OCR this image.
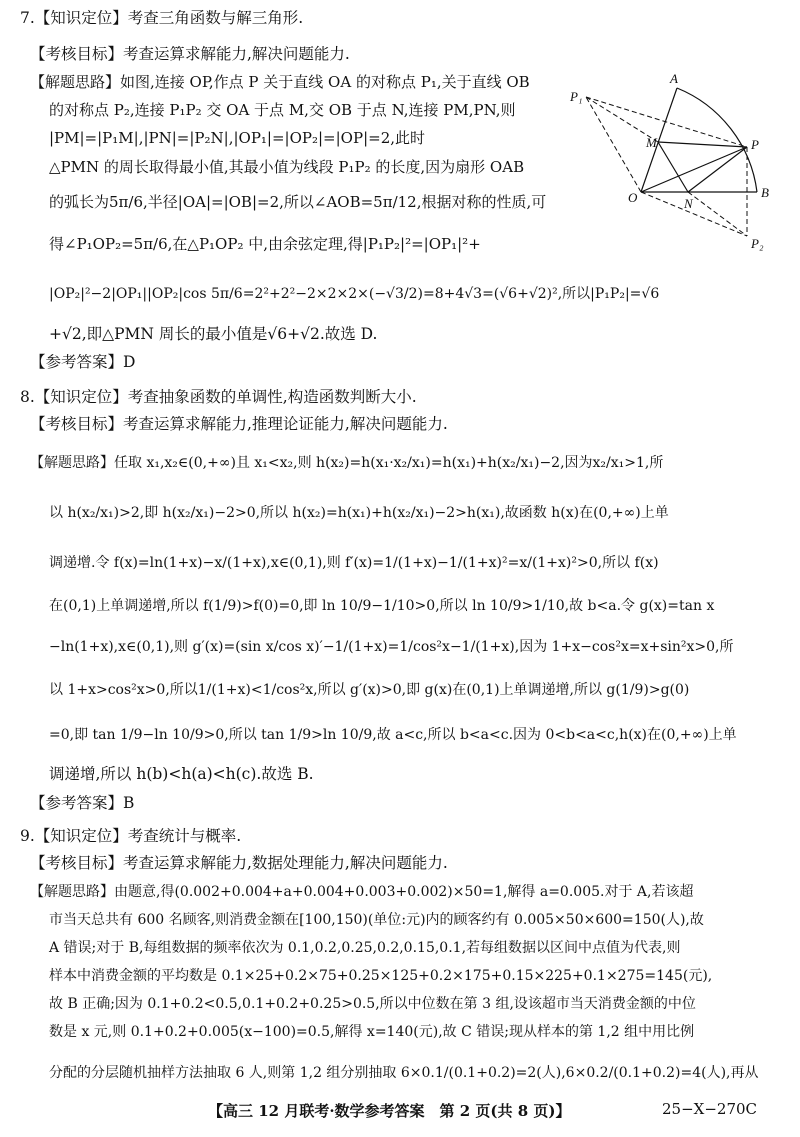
7.【知识定位】考查三角函数与解三角形.
【考核目标】考查运算求解能力,解决问题能力.
【解题思路】如图,连接 OP,作点 P 关于直线 OA 的对称点 P₁,关于直线 OB
的对称点 P₂,连接 P₁P₂ 交 OA 于点 M,交 OB 于点 N,连接 PM,PN,则
|PM|=|P₁M|,|PN|=|P₂N|,|OP₁|=|OP₂|=|OP|=2,此时
△PMN 的周长取得最小值,其最小值为线段 P₁P₂ 的长度,因为扇形 OAB
的弧长为5π/6,半径|OA|=|OB|=2,所以∠AOB=5π/12,根据对称的性质,可
得∠P₁OP₂=5π/6,在△P₁OP₂ 中,由余弦定理,得|P₁P₂|²=|OP₁|²+
|OP₂|²−2|OP₁||OP₂|cos 5π/6=2²+2²−2×2×2×(−√3/2)=8+4√3=(√6+√2)²,所以|P₁P₂|=√6
+√2,即△PMN 周长的最小值是√6+√2.故选 D.
【参考答案】D
A
B
O
P
P₁
P₂
M
N
8.【知识定位】考查抽象函数的单调性,构造函数判断大小.
【考核目标】考查运算求解能力,推理论证能力,解决问题能力.
【解题思路】任取 x₁,x₂∈(0,+∞)且 x₁<x₂,则 h(x₂)=h(x₁·x₂/x₁)=h(x₁)+h(x₂/x₁)−2,因为x₂/x₁>1,所
以 h(x₂/x₁)>2,即 h(x₂/x₁)−2>0,所以 h(x₂)=h(x₁)+h(x₂/x₁)−2>h(x₁),故函数 h(x)在(0,+∞)上单
调递增.令 f(x)=ln(1+x)−x/(1+x),x∈(0,1),则 f′(x)=1/(1+x)−1/(1+x)²=x/(1+x)²>0,所以 f(x)
在(0,1)上单调递增,所以 f(1/9)>f(0)=0,即 ln 10/9−1/10>0,所以 ln 10/9>1/10,故 b<a.令 g(x)=tan x
−ln(1+x),x∈(0,1),则 g′(x)=(sin x/cos x)′−1/(1+x)=1/cos²x−1/(1+x),因为 1+x−cos²x=x+sin²x>0,所
以 1+x>cos²x>0,所以1/(1+x)<1/cos²x,所以 g′(x)>0,即 g(x)在(0,1)上单调递增,所以 g(1/9)>g(0)
=0,即 tan 1/9−ln 10/9>0,所以 tan 1/9>ln 10/9,故 a<c,所以 b<a<c.因为 0<b<a<c,h(x)在(0,+∞)上单
调递增,所以 h(b)<h(a)<h(c).故选 B.
【参考答案】B
9.【知识定位】考查统计与概率.
【考核目标】考查运算求解能力,数据处理能力,解决问题能力.
【解题思路】由题意,得(0.002+0.004+a+0.004+0.003+0.002)×50=1,解得 a=0.005.对于 A,若该超
市当天总共有 600 名顾客,则消费金额在[100,150)(单位:元)内的顾客约有 0.005×50×600=150(人),故
A 错误;对于 B,每组数据的频率依次为 0.1,0.2,0.25,0.2,0.15,0.1,若每组数据以区间中点值为代表,则
样本中消费金额的平均数是 0.1×25+0.2×75+0.25×125+0.2×175+0.15×225+0.1×275=145(元),
故 B 正确;因为 0.1+0.2<0.5,0.1+0.2+0.25>0.5,所以中位数在第 3 组,设该超市当天消费金额的中位
数是 x 元,则 0.1+0.2+0.005(x−100)=0.5,解得 x=140(元),故 C 错误;现从样本的第 1,2 组中用比例
分配的分层随机抽样方法抽取 6 人,则第 1,2 组分别抽取 6×0.1/(0.1+0.2)=2(人),6×0.2/(0.1+0.2)=4(人),再从
【高三 12 月联考·数学参考答案　第 2 页(共 8 页)】	25−X−270C
